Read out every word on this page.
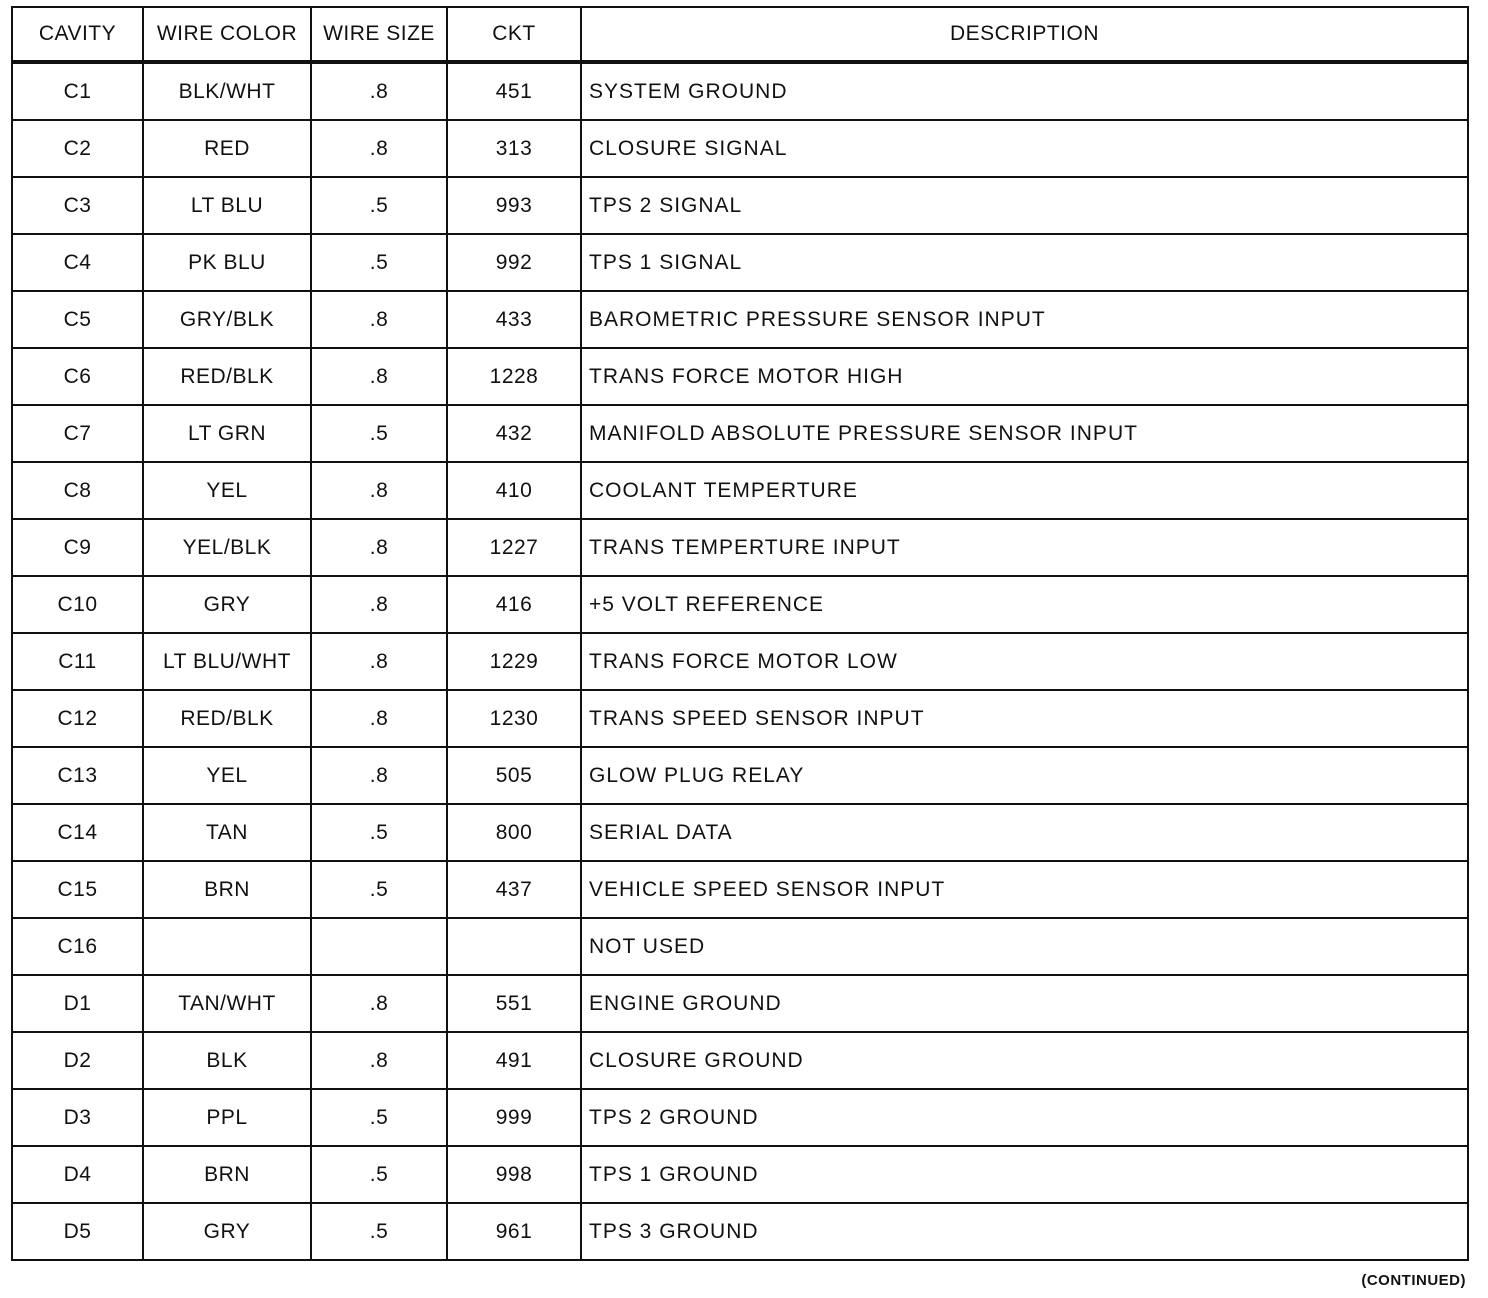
CAVITY	WIRE COLOR	WIRE SIZE	CKT	DESCRIPTION
C1	BLK/WHT	.8	451	SYSTEM GROUND
C2	RED	.8	313	CLOSURE SIGNAL
C3	LT BLU	.5	993	TPS 2 SIGNAL
C4	PK BLU	.5	992	TPS 1 SIGNAL
C5	GRY/BLK	.8	433	BAROMETRIC PRESSURE SENSOR INPUT
C6	RED/BLK	.8	1228	TRANS FORCE MOTOR HIGH
C7	LT GRN	.5	432	MANIFOLD ABSOLUTE PRESSURE SENSOR INPUT
C8	YEL	.8	410	COOLANT TEMPERTURE
C9	YEL/BLK	.8	1227	TRANS TEMPERTURE INPUT
C10	GRY	.8	416	+5 VOLT REFERENCE
C11	LT BLU/WHT	.8	1229	TRANS FORCE MOTOR LOW
C12	RED/BLK	.8	1230	TRANS SPEED SENSOR INPUT
C13	YEL	.8	505	GLOW PLUG RELAY
C14	TAN	.5	800	SERIAL DATA
C15	BRN	.5	437	VEHICLE SPEED SENSOR INPUT
C16				NOT USED
D1	TAN/WHT	.8	551	ENGINE GROUND
D2	BLK	.8	491	CLOSURE GROUND
D3	PPL	.5	999	TPS 2 GROUND
D4	BRN	.5	998	TPS 1 GROUND
D5	GRY	.5	961	TPS 3 GROUND
(CONTINUED)
